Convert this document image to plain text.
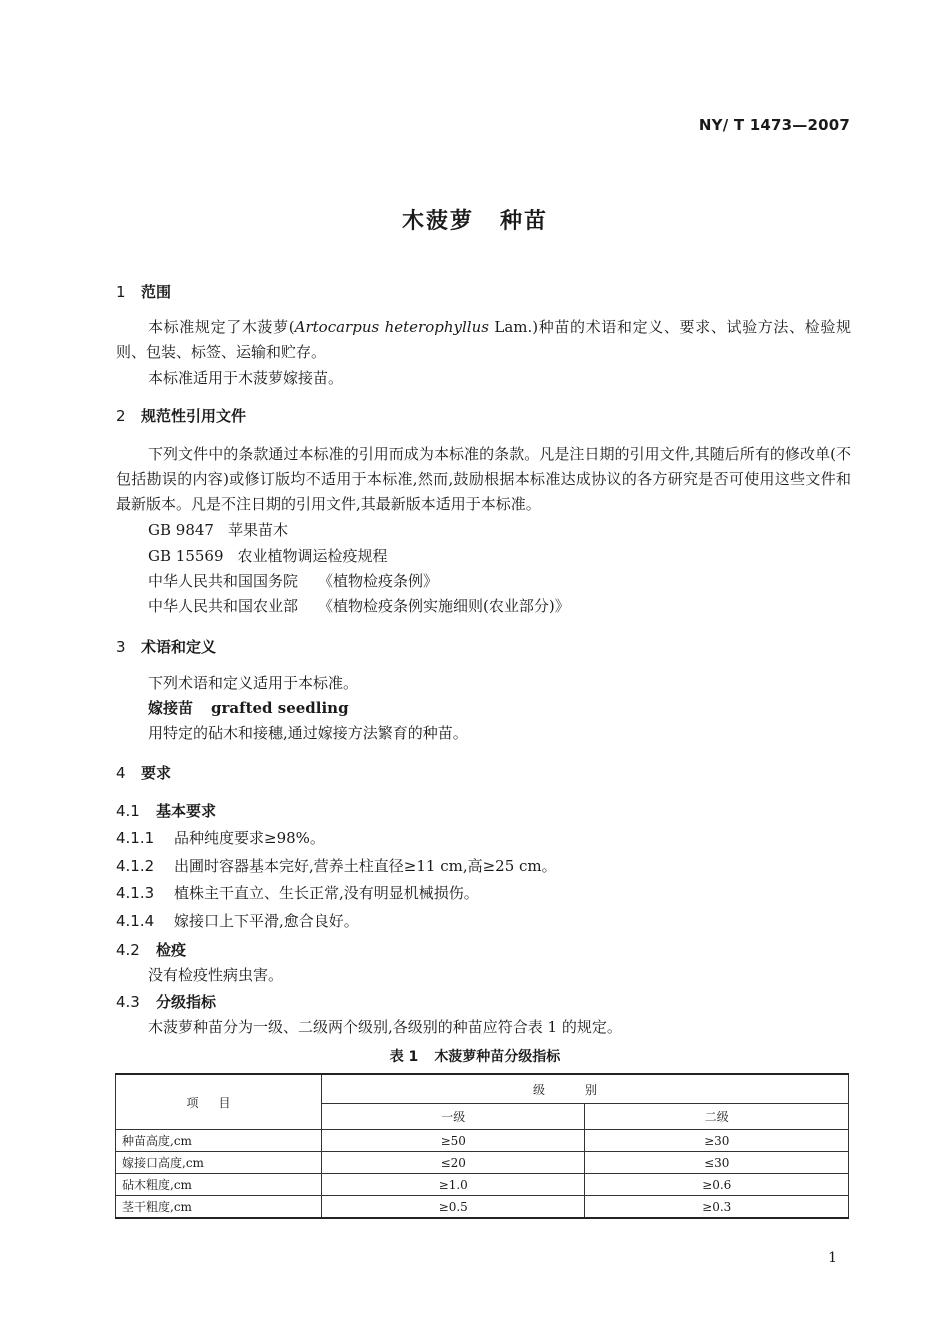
NY/ T 1473—2007
木菠萝 种苗
1 范围
本标准规定了木菠萝(Artocarpus heterophyllus Lam.)种苗的术语和定义、要求、试验方法、检验规则、包装、标签、运输和贮存。
本标准适用于木菠萝嫁接苗。
2 规范性引用文件
下列文件中的条款通过本标准的引用而成为本标准的条款。凡是注日期的引用文件,其随后所有的修改单(不包括勘误的内容)或修订版均不适用于本标准,然而,鼓励根据本标准达成协议的各方研究是否可使用这些文件和最新版本。凡是不注日期的引用文件,其最新版本适用于本标准。
GB 9847 苹果苗木
GB 15569 农业植物调运检疫规程
中华人民共和国国务院 《植物检疫条例》
中华人民共和国农业部 《植物检疫条例实施细则(农业部分)》
3 术语和定义
下列术语和定义适用于本标准。
嫁接苗 grafted seedling
用特定的砧木和接穗,通过嫁接方法繁育的种苗。
4 要求
4.1 基本要求
4.1.1 品种纯度要求≥98%。
4.1.2 出圃时容器基本完好,营养土柱直径≥11 cm,高≥25 cm。
4.1.3 植株主干直立、生长正常,没有明显机械损伤。
4.1.4 嫁接口上下平滑,愈合良好。
4.2 检疫
没有检疫性病虫害。
4.3 分级指标
木菠萝种苗分为一级、二级两个级别,各级别的种苗应符合表 1 的规定。
表 1 木菠萝种苗分级指标
项目	级别	
	一级	二级
种苗高度,cm	≥50	≥30
嫁接口高度,cm	≤20	≤30
砧木粗度,cm	≥1.0	≥0.6
茎干粗度,cm	≥0.5	≥0.3
1
